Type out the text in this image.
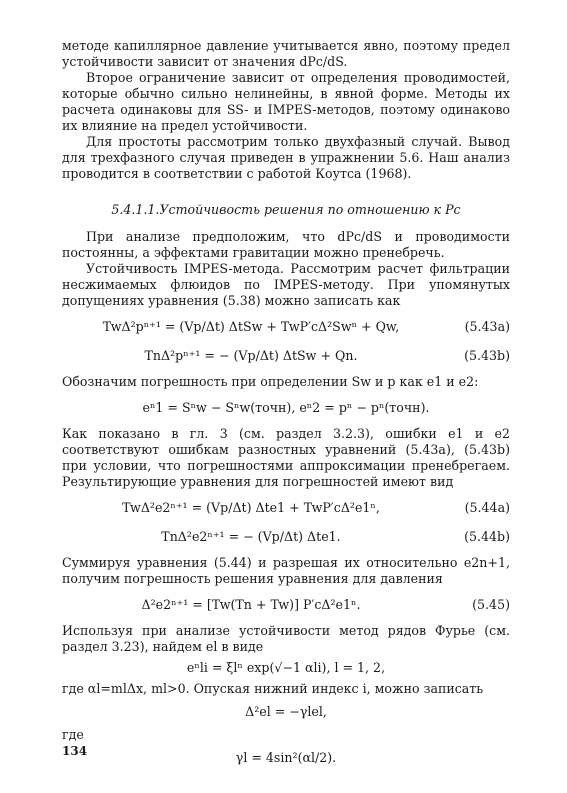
методе капиллярное давление учитывается явно, поэтому предел устойчивости зависит от значения dPc/dS.

Второе ограничение зависит от определения проводимостей, которые обычно сильно нелинейны, в явной форме. Методы их расчета одинаковы для SS- и IMPES-методов, поэтому одинаково их влияние на предел устойчивости.

Для простоты рассмотрим только двухфазный случай. Вывод для трехфазного случая приведен в упражнении 5.6. Наш анализ проводится в соответствии с работой Коутса (1968).

5.4.1.1.Устойчивость решения по отношению к Pc

При анализе предположим, что dPc/dS и проводимости постоянны, а эффектами гравитации можно пренебречь.

Устойчивость IMPES-метода. Рассмотрим расчет фильтрации несжимаемых флюидов по IMPES-методу. При упомянутых допущениях уравнения (5.38) можно записать как

TwΔ²pⁿ⁺¹ = (Vp/Δt) ΔtSw + TwP′cΔ²Swⁿ + Qw,	(5.43a)
TnΔ²pⁿ⁺¹ = − (Vp/Δt) ΔtSw + Qn.	(5.43b)

Обозначим погрешность при определении Sw и p как e1 и e2:

eⁿ1 = Sⁿw − Sⁿw(точн), eⁿ2 = pⁿ − pⁿ(точн).

Как показано в гл. 3 (см. раздел 3.2.3), ошибки e1 и e2 соответствуют ошибкам разностных уравнений (5.43а), (5.43b) при условии, что погрешностями аппроксимации пренебрегаем. Результирующие уравнения для погрешностей имеют вид

TwΔ²e2ⁿ⁺¹ = (Vp/Δt) Δte1 + TwP′cΔ²e1ⁿ,	(5.44a)
TnΔ²e2ⁿ⁺¹ = − (Vp/Δt) Δte1.	(5.44b)

Суммируя уравнения (5.44) и разрешая их относительно e2n+1, получим погрешность решения уравнения для давления

Δ²e2ⁿ⁺¹ = [Tw(Tn + Tw)] P′cΔ²e1ⁿ.	(5.45)

Используя при анализе устойчивости метод рядов Фурье (см. раздел 3.23), найдем el в виде

eⁿli = ξlⁿ exp(√−1 αli), l = 1, 2,

где αl=mlΔx, ml>0. Опуская нижний индекс i, можно записать

Δ²el = −γlel,

где

γl = 4sin²(αl/2).
134
